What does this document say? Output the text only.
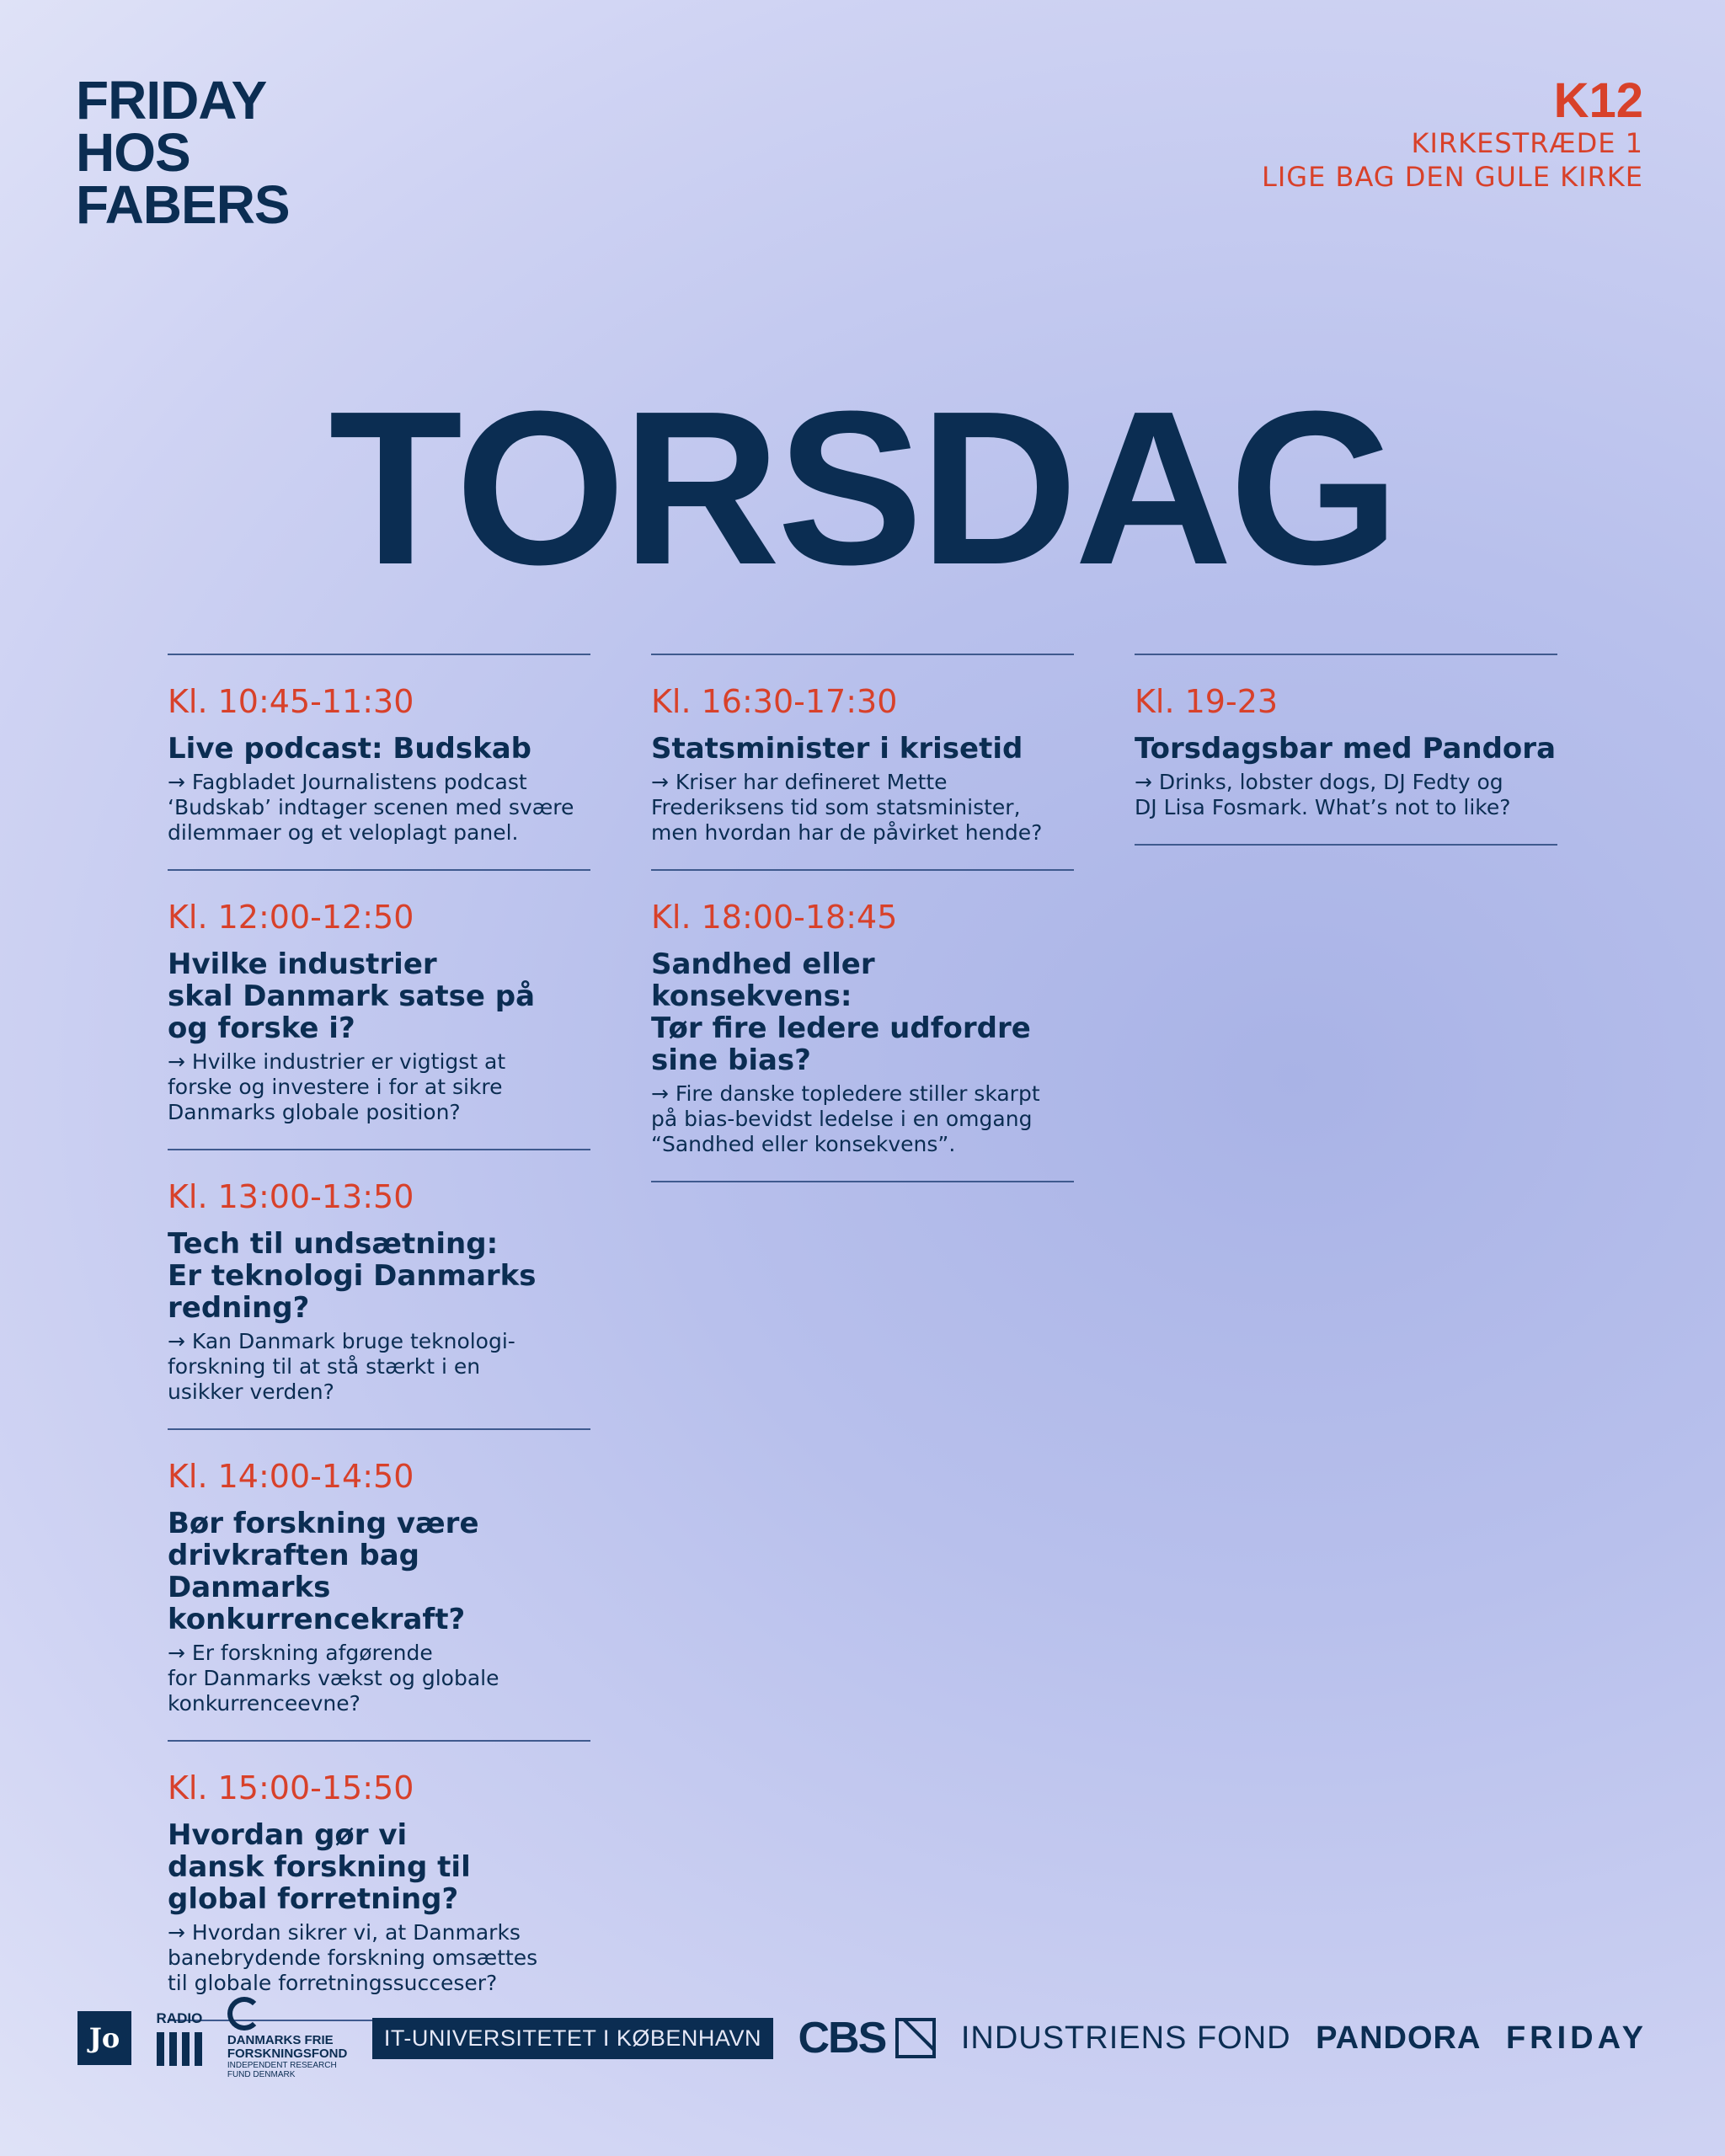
FRIDAY
HOS
FABERS
K12
KIRKESTRÆDE 1
LIGE BAG DEN GULE KIRKE
TORSDAG
Kl. 10:45-11:30
Live podcast: Budskab
→ Fagbladet Journalistens podcast
‘Budskab’ indtager scenen med svære
dilemmaer og et veloplagt panel.
Kl. 12:00-12:50
Hvilke industrier
skal Danmark satse på
og forske i?
→ Hvilke industrier er vigtigst at
forske og investere i for at sikre
Danmarks globale position?
Kl. 13:00-13:50
Tech til undsætning:
Er teknologi Danmarks
redning?
→ Kan Danmark bruge teknologi-
forskning til at stå stærkt i en
usikker verden?
Kl. 14:00-14:50
Bør forskning være
drivkraften bag Danmarks
konkurrencekraft?
→ Er forskning afgørende
for Danmarks vækst og globale
konkurrenceevne?
Kl. 15:00-15:50
Hvordan gør vi
dansk forskning til
global forretning?
→ Hvordan sikrer vi, at Danmarks
banebrydende forskning omsættes
til globale forretningssucceser?
Kl. 16:30-17:30
Statsminister i krisetid
→ Kriser har defineret Mette
Frederiksens tid som statsminister,
men hvordan har de påvirket hende?
Kl. 18:00-18:45
Sandhed eller konsekvens:
Tør fire ledere udfordre
sine bias?
→ Fire danske topledere stiller skarpt
på bias-bevidst ledelse i en omgang
“Sandhed eller konsekvens”.
Kl. 19-23
Torsdagsbar med Pandora
→ Drinks, lobster dogs, DJ Fedty og
DJ Lisa Fosmark. What’s not to like?
Jo
RADIO
DANMARKS FRIE
FORSKNINGSFOND
INDEPENDENT RESEARCH
FUND DENMARK
IT-UNIVERSITETET I KØBENHAVN CBS INDUSTRIENS FOND PANDORA FRIDAY
